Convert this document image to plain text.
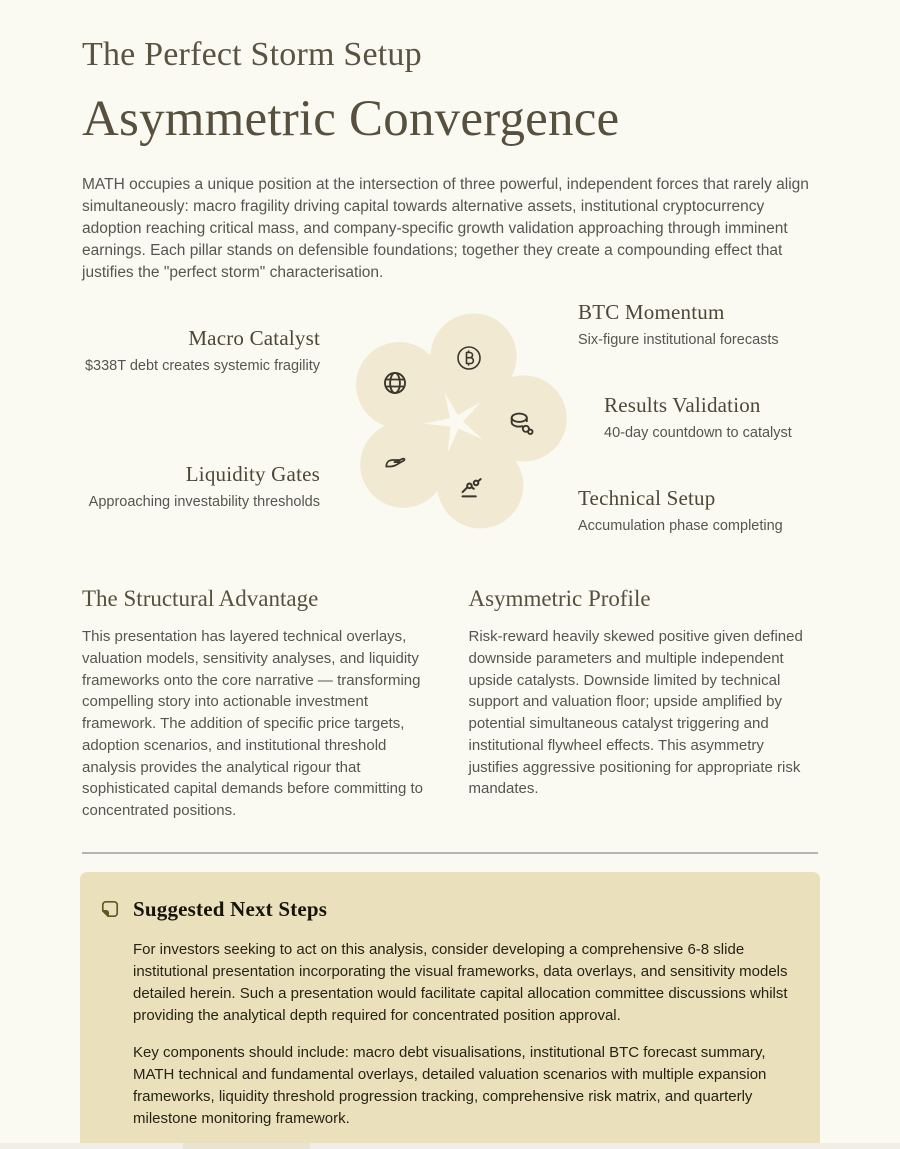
The Perfect Storm Setup
Asymmetric Convergence

MATH occupies a unique position at the intersection of three powerful, independent forces that rarely align simultaneously: macro fragility driving capital towards alternative assets, institutional cryptocurrency adoption reaching critical mass, and company-specific growth validation approaching through imminent earnings. Each pillar stands on defensible foundations; together they create a compounding effect that justifies the "perfect storm" characterisation.

Macro Catalyst
$338T debt creates systemic fragility
BTC Momentum
Six-figure institutional forecasts
Results Validation
40-day countdown to catalyst
Liquidity Gates
Approaching investability thresholds	Technical Setup
Accumulation phase completing
The Structural Advantage

This presentation has layered technical overlays, valuation models, sensitivity analyses, and liquidity frameworks onto the core narrative — transforming compelling story into actionable investment framework. The addition of specific price targets, adoption scenarios, and institutional threshold analysis provides the analytical rigour that sophisticated capital demands before committing to concentrated positions.

Asymmetric Profile

Risk-reward heavily skewed positive given defined downside parameters and multiple independent upside catalysts. Downside limited by technical support and valuation floor; upside amplified by potential simultaneous catalyst triggering and institutional flywheel effects. This asymmetry justifies aggressive positioning for appropriate risk mandates.

Suggested Next Steps

For investors seeking to act on this analysis, consider developing a comprehensive 6-8 slide institutional presentation incorporating the visual frameworks, data overlays, and sensitivity models detailed herein. Such a presentation would facilitate capital allocation committee discussions whilst providing the analytical depth required for concentrated position approval.

Key components should include: macro debt visualisations, institutional BTC forecast summary, MATH technical and fundamental overlays, detailed valuation scenarios with multiple expansion frameworks, liquidity threshold progression tracking, comprehensive risk matrix, and quarterly milestone monitoring framework.
